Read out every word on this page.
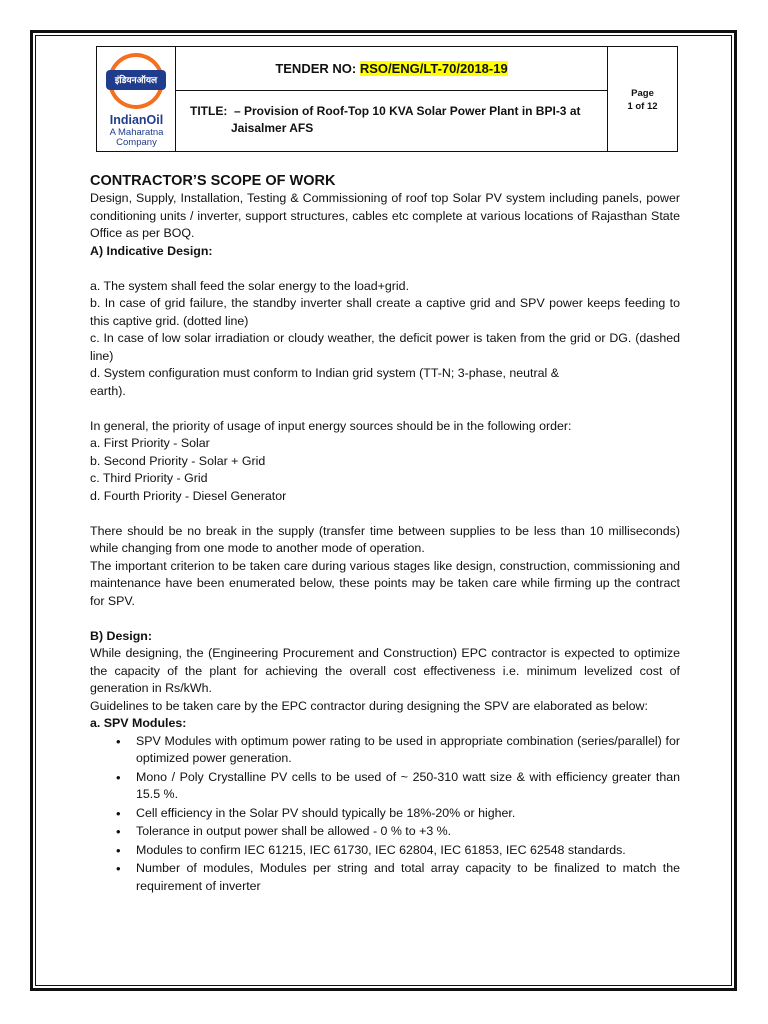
इंडियनऑयल
IndianOil
A Maharatna
Company
TENDER NO: RSO/ENG/LT-70/2018-19
TITLE: – Provision of Roof-Top 10 KVA Solar Power Plant in BPI-3 at
Jaisalmer AFS
Page
1 of 12

CONTRACTOR’S SCOPE OF WORK

Design, Supply, Installation, Testing & Commissioning of roof top Solar PV system including panels, power conditioning units / inverter, support structures, cables etc complete at various locations of Rajasthan State Office as per BOQ.

A) Indicative Design:

a. The system shall feed the solar energy to the load+grid.

b. In case of grid failure, the standby inverter shall create a captive grid and SPV power keeps feeding to this captive grid. (dotted line)

c. In case of low solar irradiation or cloudy weather, the deficit power is taken from the grid or DG. (dashed line)

d. System configuration must conform to Indian grid system (TT-N; 3-phase, neutral &

earth).

In general, the priority of usage of input energy sources should be in the following order:

a. First Priority - Solar

b. Second Priority - Solar + Grid

c. Third Priority - Grid

d. Fourth Priority - Diesel Generator

There should be no break in the supply (transfer time between supplies to be less than 10 milliseconds) while changing from one mode to another mode of operation.

The important criterion to be taken care during various stages like design, construction, commissioning and maintenance have been enumerated below, these points may be taken care while firming up the contract for SPV.

B) Design:

While designing, the (Engineering Procurement and Construction) EPC contractor is expected to optimize the capacity of the plant for achieving the overall cost effectiveness i.e. minimum levelized cost of generation in Rs/kWh.

Guidelines to be taken care by the EPC contractor during designing the SPV are elaborated as below:

a. SPV Modules:

• SPV Modules with optimum power rating to be used in appropriate combination (series/parallel) for optimized power generation.
• Mono / Poly Crystalline PV cells to be used of ~ 250-310 watt size & with efficiency greater than 15.5 %.
• Cell efficiency in the Solar PV should typically be 18%-20% or higher.
• Tolerance in output power shall be allowed - 0 % to +3 %.
• Modules to confirm IEC 61215, IEC 61730, IEC 62804, IEC 61853, IEC 62548 standards.
• Number of modules, Modules per string and total array capacity to be finalized to match the requirement of inverter
